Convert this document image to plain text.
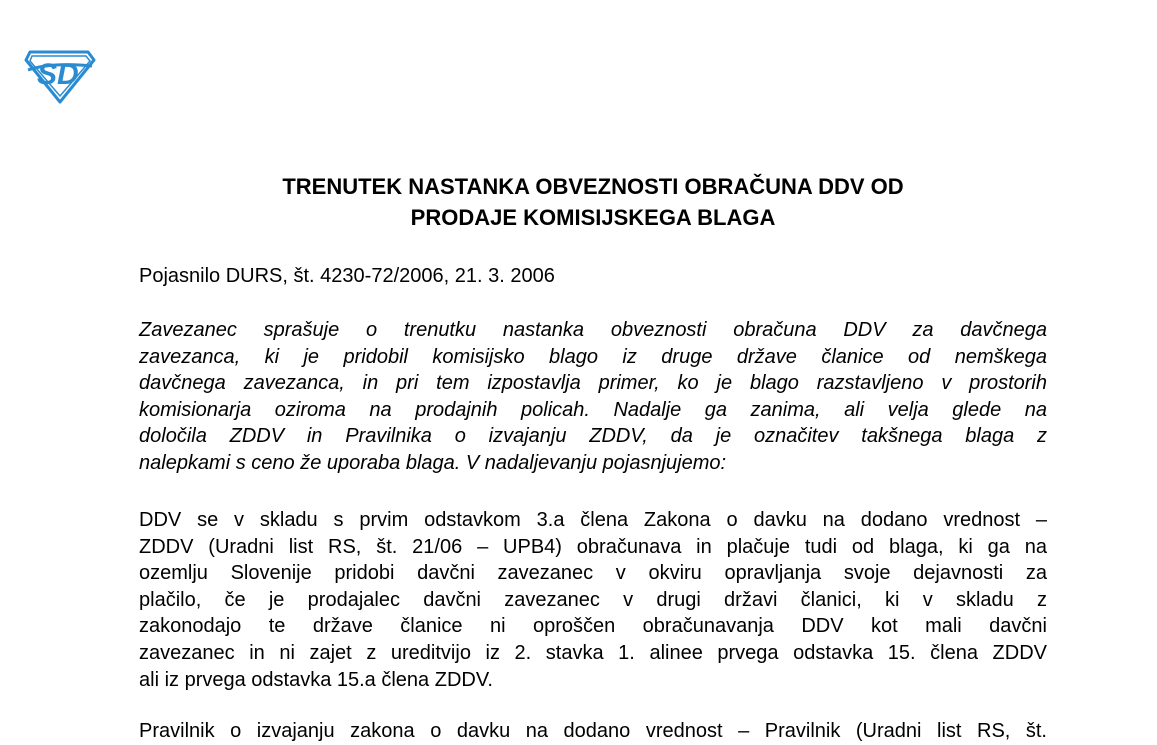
S D
TRENUTEK NASTANKA OBVEZNOSTI OBRAČUNA DDV OD
PRODAJE KOMISIJSKEGA BLAGA

Pojasnilo DURS, št. 4230-72/2006, 21. 3. 2006

Zavezanec sprašuje o trenutku nastanka obveznosti obračuna DDV za davčnega
zavezanca, ki je pridobil komisijsko blago iz druge države članice od nemškega
davčnega zavezanca, in pri tem izpostavlja primer, ko je blago razstavljeno v prostorih
komisionarja oziroma na prodajnih policah. Nadalje ga zanima, ali velja glede na
določila ZDDV in Pravilnika o izvajanju ZDDV, da je označitev takšnega blaga z
nalepkami s ceno že uporaba blaga. V nadaljevanju pojasnjujemo:
DDV se v skladu s prvim odstavkom 3.a člena Zakona o davku na dodano vrednost –
ZDDV (Uradni list RS, št. 21/06 – UPB4) obračunava in plačuje tudi od blaga, ki ga na
ozemlju Slovenije pridobi davčni zavezanec v okviru opravljanja svoje dejavnosti za
plačilo, če je prodajalec davčni zavezanec v drugi državi članici, ki v skladu z
zakonodajo te države članice ni oproščen obračunavanja DDV kot mali davčni
zavezanec in ni zajet z ureditvijo iz 2. stavka 1. alinee prvega odstavka 15. člena ZDDV
ali iz prvega odstavka 15.a člena ZDDV.
Pravilnik o izvajanju zakona o davku na dodano vrednost – Pravilnik (Uradni list RS, št.
